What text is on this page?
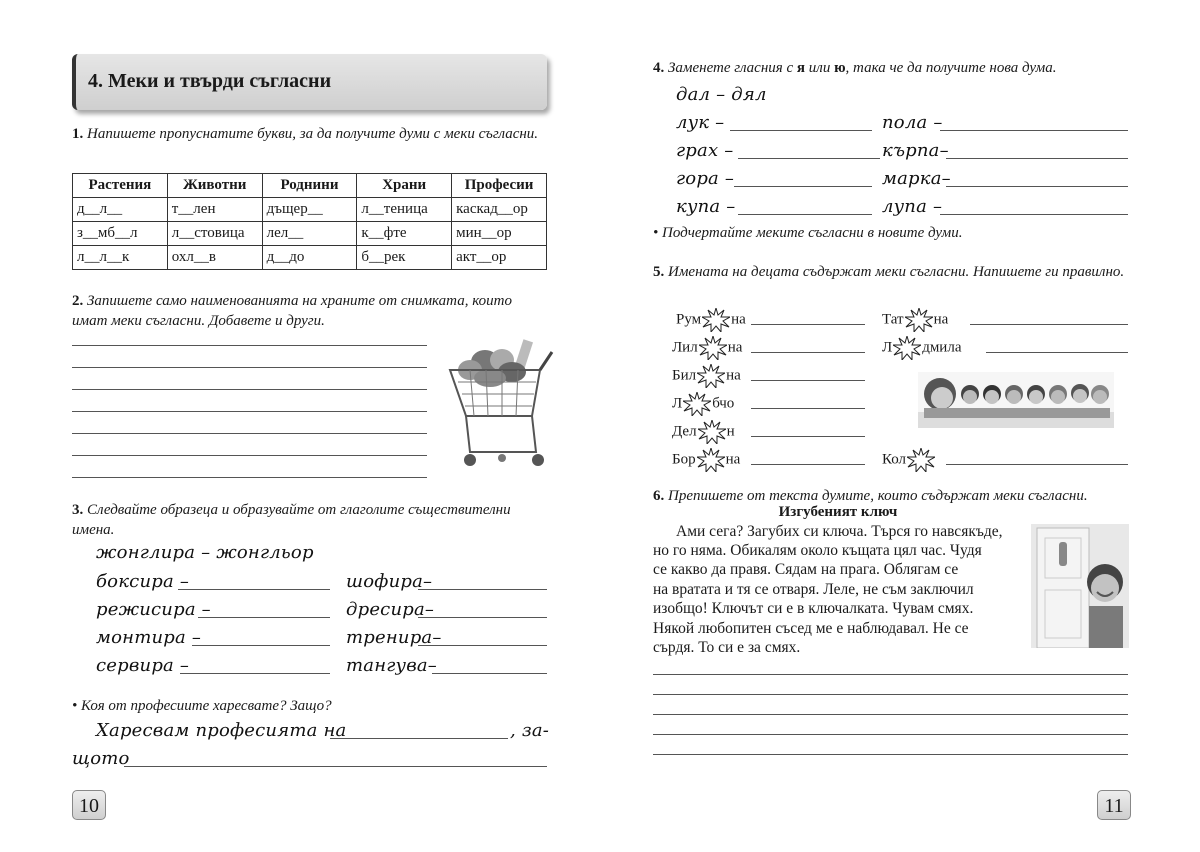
4. Меки и твърди съгласни
1. Напишете пропуснатите букви, за да получите думи с меки съгласни.
Растения	Животни	Роднини	Храни	Професии
д__л__	т__лен	дъщер__	л__теница	каскад__ор
з__мб__л	л__стовица	лел__	к__фте	мин__ор
л__л__к	охл__в	д__до	б__рек	акт__ор
2. Запишете само наименованията на храните от снимката, които имат меки съгласни. Добавете и други.
3. Следвайте образеца и образувайте от глаголите съществителни имена.
жонглира – жонгльор
боксира –	шофира–
режисира –	дресира–
монтира –	тренира–
сервира –	тангува–
• Коя от професиите харесвате? Защо?
Харесвам професията на	, за-
щото
10
4. Заменете гласния с я или ю, така че да получите нова дума.
дал – дял
лук –	пола –
грах –	кърпа–
гора –	марка–
купа –	лупа –
• Подчертайте меките съгласни в новите думи.
5. Имената на децата съдържат меки съгласни. Напишете ги правилно.
Рум на
Лил на
Бил на
Л бчо
Дел н
Бор на
Тат на
Л дмила
Кол
6. Препишете от текста думите, които съдържат меки съгласни.
Изгубеният ключ
Ами сега? Загубих си ключа. Търся го навсякъде,
но го няма. Обикалям около къщата цял час. Чудя
се какво да правя. Сядам на прага. Облягам се
на вратата и тя се отваря. Леле, не съм заключил
изобщо! Ключът си е в ключалката. Чувам смях.
Някой любопитен съсед ме е наблюдавал. Не се
сърдя. То си е за смях.
11
